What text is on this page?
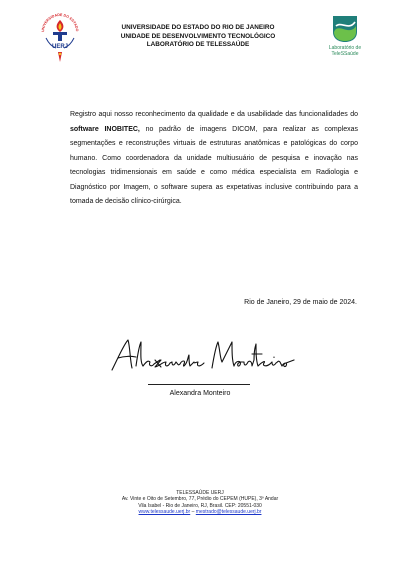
UNIVERSIDADE DO ESTADO
UERJ
UNIVERSIDADE DO ESTADO DO RIO DE JANEIRO
UNIDADE DE DESENVOLVIMENTO TECNOLÓGICO
LABORATÓRIO DE TELESSAÚDE	Laboratório de
TeleSSaúde
Registro aqui nosso reconhecimento da qualidade e da usabilidade das funcionalidades do software INOBITEC, no padrão de imagens DICOM, para realizar as complexas segmentações e reconstruções virtuais de estruturas anatômicas e patológicas do corpo humano. Como coordenadora da unidade multiusuário de pesquisa e inovação nas tecnologias tridimensionais em saúde e como médica especialista em Radiologia e Diagnóstico por Imagem, o software supera as expetativas inclusive contribuindo para a tomada de decisão clínico-cirúrgica.
Rio de Janeiro, 29 de maio de 2024.
Alexandra Monteiro
TELESSAÚDE UERJ
Av. Vinte e Oito de Setembro, 77, Prédio do CEPEM (HUPE), 3º Andar
Vila Isabel - Rio de Janeiro, RJ, Brasil. CEP: 20551-030
www.telessaude.uerj.br – mestrado@telessaude.uerj.br
